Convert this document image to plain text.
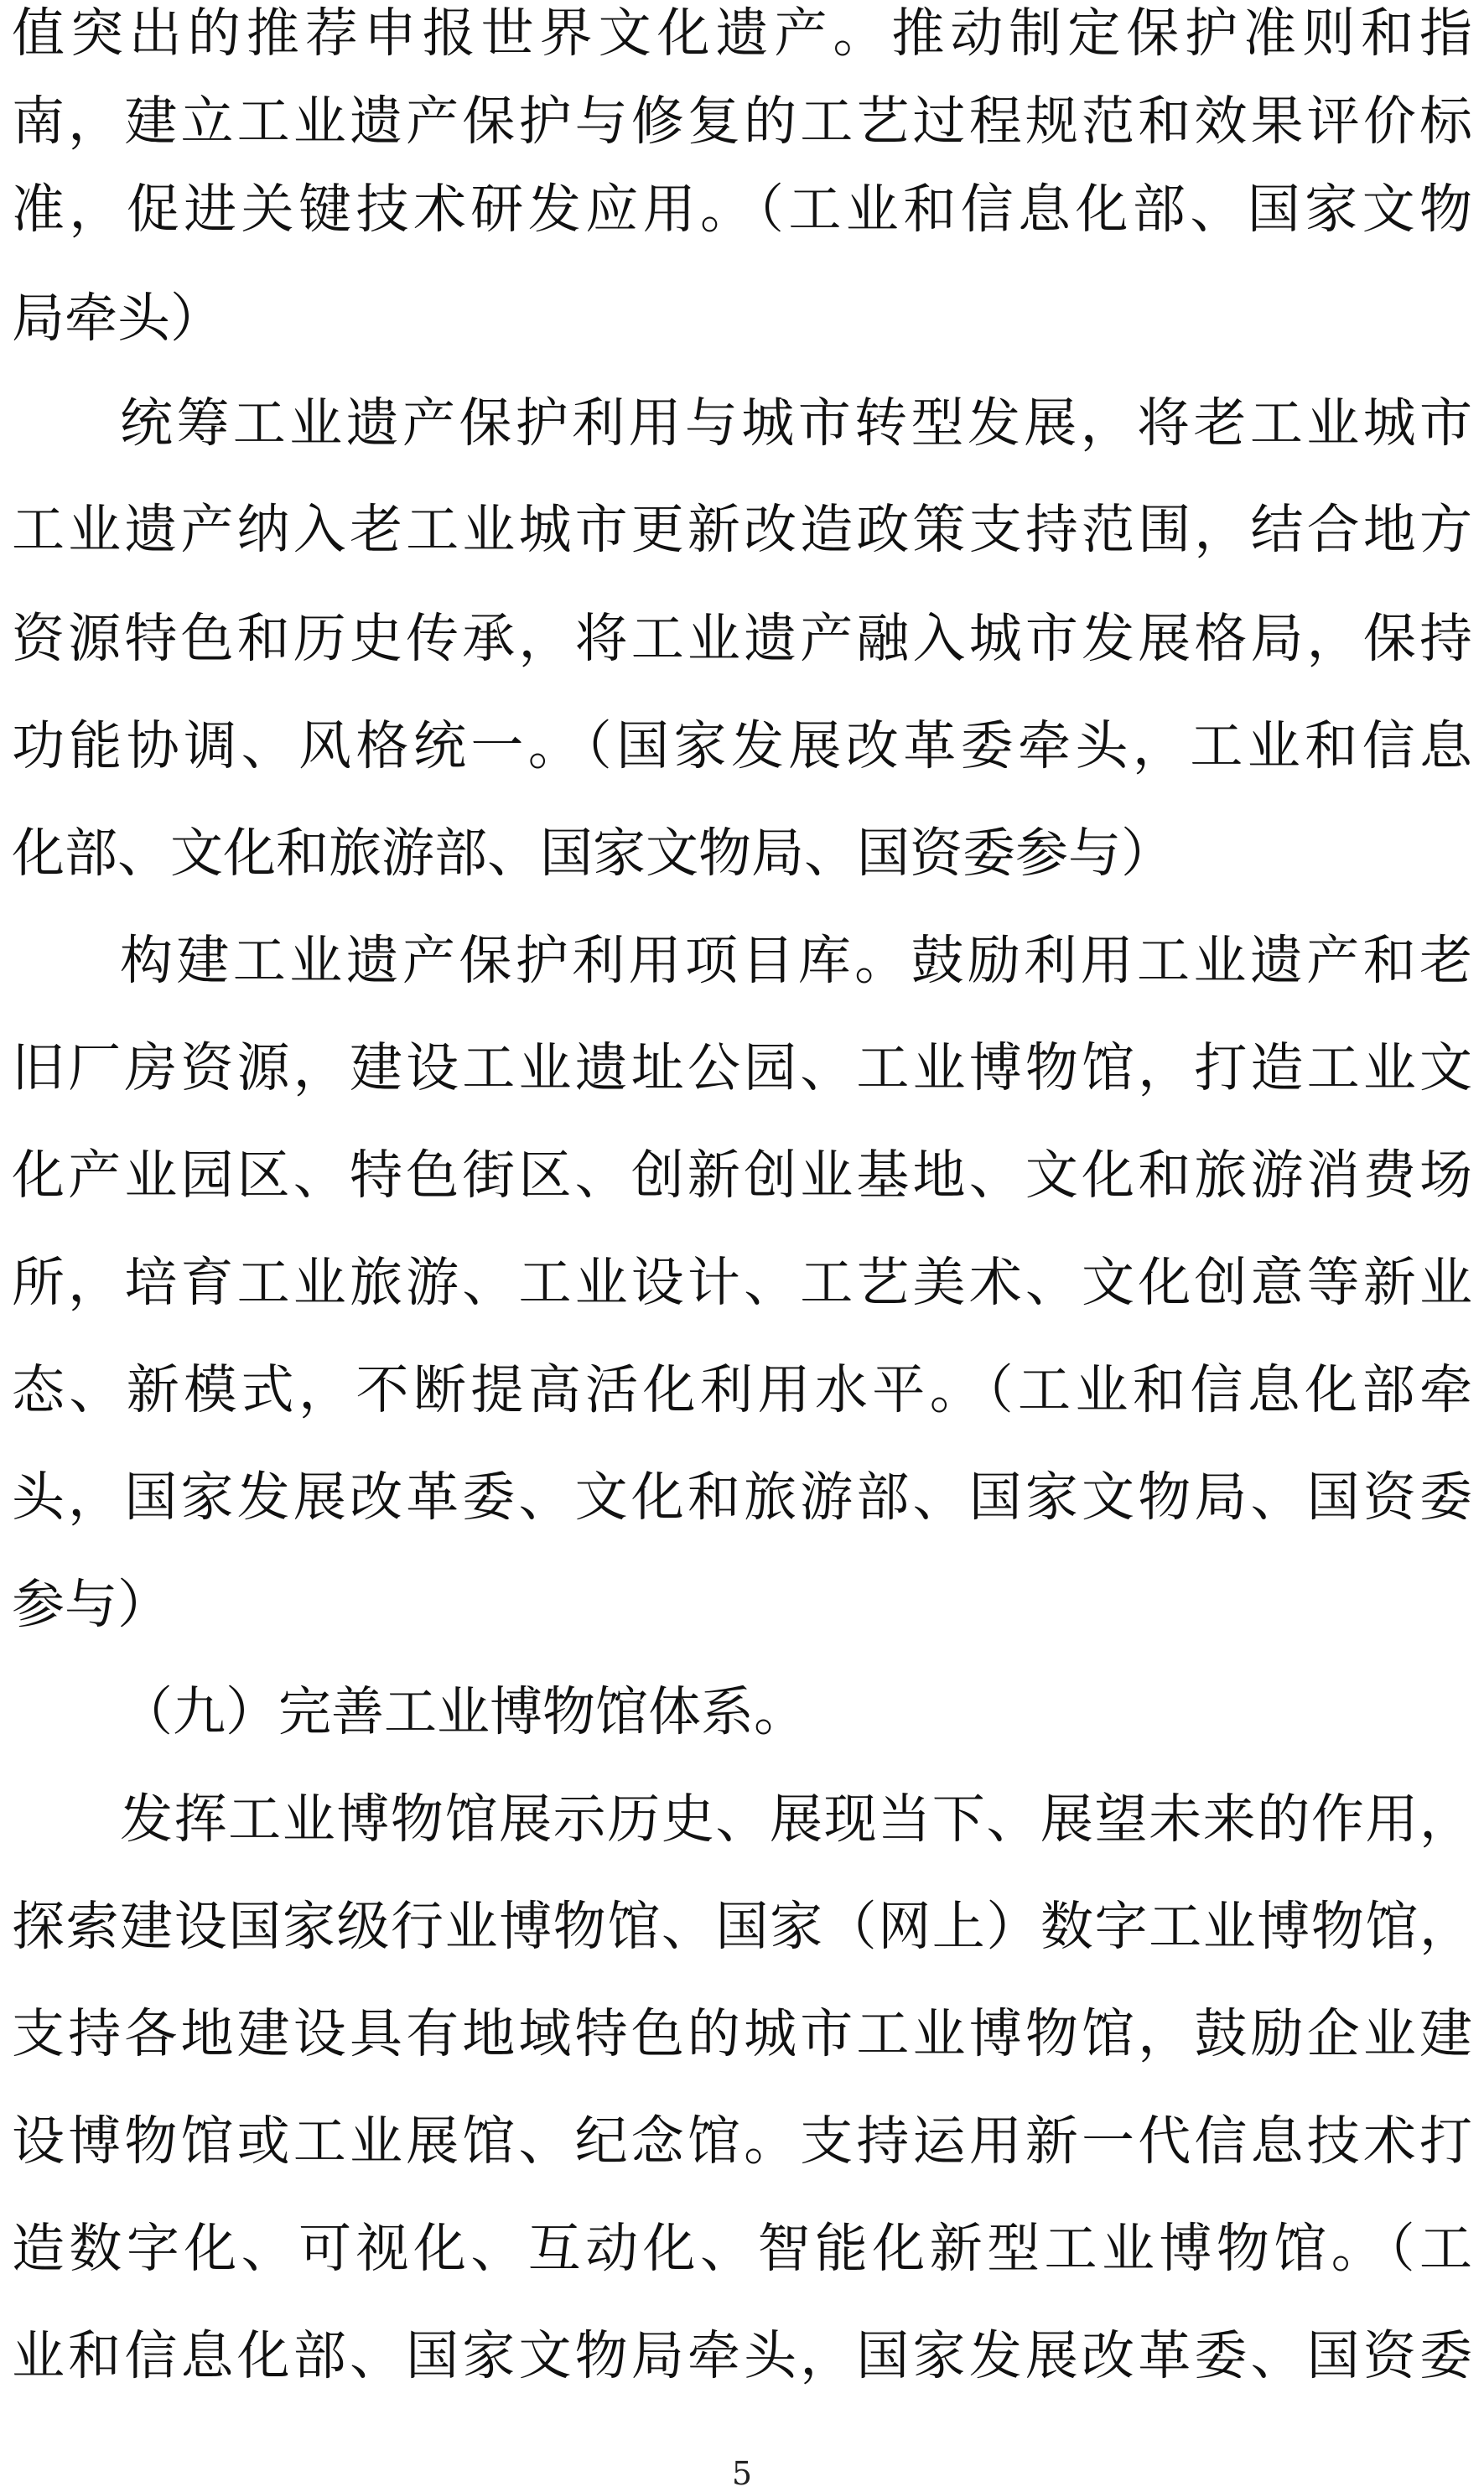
值突出的推荐申报世界文化遗产。推动制定保护准则和指
南，建立工业遗产保护与修复的工艺过程规范和效果评价标
准，促进关键技术研发应用。（工业和信息化部、国家文物
局牵头）
统筹工业遗产保护利用与城市转型发展，将老工业城市
工业遗产纳入老工业城市更新改造政策支持范围，结合地方
资源特色和历史传承，将工业遗产融入城市发展格局，保持
功能协调、风格统一。（国家发展改革委牵头，工业和信息
化部、文化和旅游部、国家文物局、国资委参与）
构建工业遗产保护利用项目库。鼓励利用工业遗产和老
旧厂房资源，建设工业遗址公园、工业博物馆，打造工业文
化产业园区、特色街区、创新创业基地、文化和旅游消费场
所，培育工业旅游、工业设计、工艺美术、文化创意等新业
态、新模式，不断提高活化利用水平。（工业和信息化部牵
头，国家发展改革委、文化和旅游部、国家文物局、国资委
参与）
（九）完善工业博物馆体系。
发挥工业博物馆展示历史、展现当下、展望未来的作用，
探索建设国家级行业博物馆、国家（网上）数字工业博物馆，
支持各地建设具有地域特色的城市工业博物馆，鼓励企业建
设博物馆或工业展馆、纪念馆。支持运用新一代信息技术打
造数字化、可视化、互动化、智能化新型工业博物馆。（工
业和信息化部、国家文物局牵头，国家发展改革委、国资委
5
